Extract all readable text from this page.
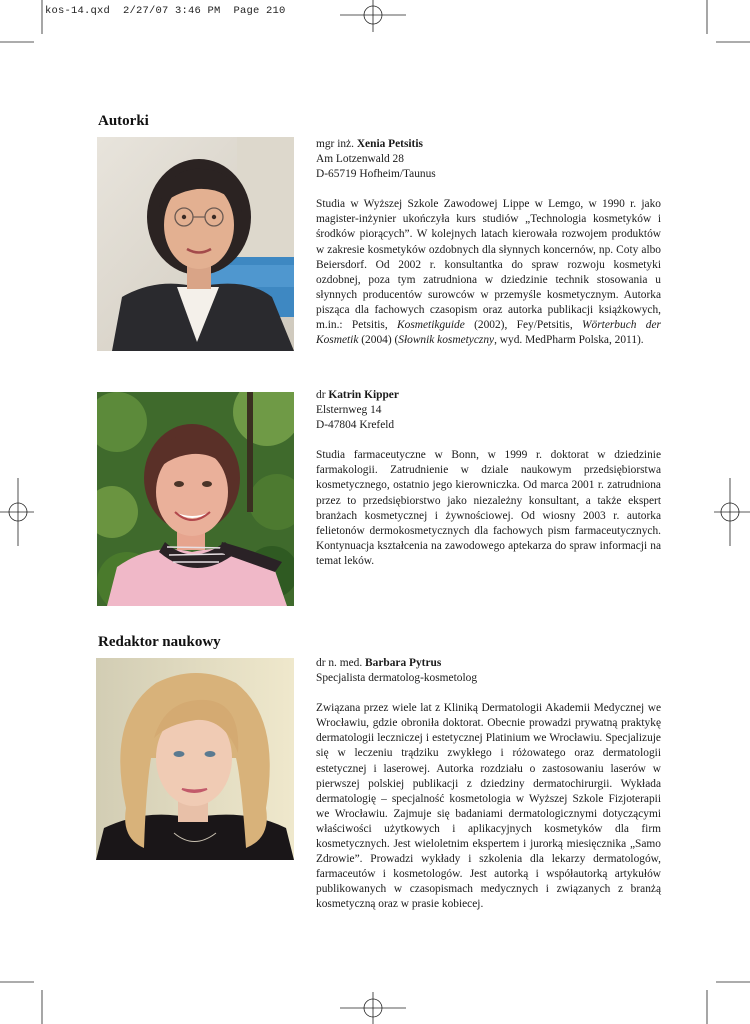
kos-14.qxd  2/27/07 3:46 PM  Page 210
Autorki
Redaktor naukowy

mgr inż. Xenia Petsitis

Am Lotzenwald 28

D-65719 Hofheim/Taunus

Studia w Wyższej Szkole Zawodowej Lippe w Lemgo, w 1990 r. jako magister-inżynier ukończyła kurs studiów „Technologia kosmetyków i środków piorących”. W kolejnych latach kierowała rozwojem produktów w zakresie kosmetyków ozdobnych dla słynnych koncernów, np. Coty albo Beiersdorf. Od 2002 r. konsultantka do spraw rozwoju kosmetyki ozdobnej, poza tym zatrudniona w dziedzinie technik stosowania u słynnych producentów surowców w przemyśle kosmetycznym. Autorka pisząca dla fachowych czasopism oraz autorka publikacji książkowych, m.in.: Petsitis, Kosmetikguide (2002), Fey/Petsitis, Wörterbuch der Kosmetik (2004) (Słownik kosmetyczny, wyd. MedPharm Polska, 2011).

dr Katrin Kipper

Elsternweg 14

D-47804 Krefeld

Studia farmaceutyczne w Bonn, w 1999 r. doktorat w dziedzinie farmakologii. Zatrudnienie w dziale naukowym przedsiębiorstwa kosmetycznego, ostatnio jego kierowniczka. Od marca 2001 r. zatrudniona przez to przedsiębiorstwo jako niezależny konsultant, a także ekspert branżach kosmetycznej i żywnościowej. Od wiosny 2003 r. autorka felietonów dermokosmetycznych dla fachowych pism farmaceutycznych. Kontynuacja kształcenia na zawodowego aptekarza do spraw informacji na temat leków.

dr n. med. Barbara Pytrus

Specjalista dermatolog-kosmetolog

Związana przez wiele lat z Kliniką Dermatologii Akademii Medycznej we Wrocławiu, gdzie obroniła doktorat. Obecnie prowadzi prywatną praktykę dermatologii leczniczej i estetycznej Platinium we Wrocławiu. Specjalizuje się w leczeniu trądziku zwykłego i różowatego oraz dermatologii estetycznej i laserowej. Autorka rozdziału o zastosowaniu laserów w pierwszej polskiej publikacji z dziedziny dermatochirurgii. Wykłada dermatologię – specjalność kosmetologia w Wyższej Szkole Fizjoterapii we Wrocławiu. Zajmuje się badaniami dermatologicznymi dotyczącymi właściwości użytkowych i aplikacyjnych kosmetyków dla firm kosmetycznych. Jest wieloletnim ekspertem i jurorką miesięcznika „Samo Zdrowie”. Prowadzi wykłady i szkolenia dla lekarzy dermatologów, farmaceutów i kosmetologów. Jest autorką i współautorką artykułów publikowanych w czasopismach medycznych i związanych z branżą kosmetyczną oraz w prasie kobiecej.
